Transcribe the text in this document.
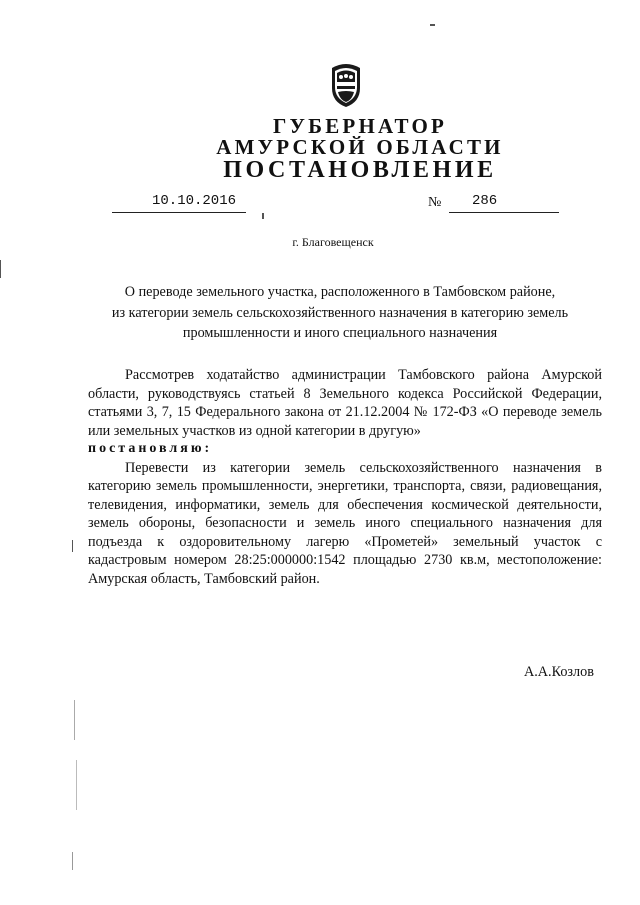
ГУБЕРНАТОР
АМУРСКОЙ ОБЛАСТИ
ПОСТАНОВЛЕНИЕ
10.10.2016	№ 286
г. Благовещенск
О переводе земельного участка, расположенного в Тамбовском районе,
из категории земель сельскохозяйственного назначения в категорию земель
промышленности и иного специального назначения
Рассмотрев ходатайство администрации Тамбовского района Амурской области, руководствуясь статьей 8 Земельного кодекса Российской Федерации, статьями 3, 7, 15 Федерального закона от 21.12.2004 № 172-ФЗ «О переводе земель или земельных участков из одной категории в другую»
постановляю:
Перевести из категории земель сельскохозяйственного назначения в категорию земель промышленности, энергетики, транспорта, связи, радиовещания, телевидения, информатики, земель для обеспечения космической деятельности, земель обороны, безопасности и земель иного специального назначения для подъезда к оздоровительному лагерю «Прометей» земельный участок с кадастровым номером 28:25:000000:1542 площадью 2730 кв.м, местоположение: Амурская область, Тамбовский район.
А.А.Козлов
